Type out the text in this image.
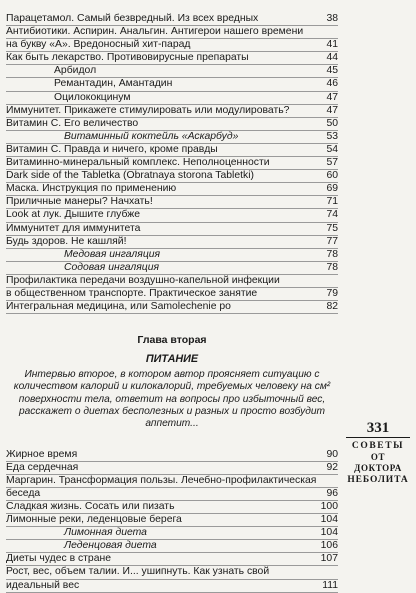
Парацетамол. Самый безвредный. Из всех вредных	38
Антибиотики. Аспирин. Анальгин. Антигерои нашего времени
на букву «А». Вредоносный хит-парад	41
Как быть лекарство. Противовирусные препараты	44
Арбидол	45
Ремантадин, Амантадин	46
Оцилококцинум	47
Иммунитет. Прикажете стимулировать или модулировать?	47
Витамин С. Его величество	50
Витаминный коктейль «Аскарбуд»	53
Витамин С. Правда и ничего, кроме правды	54
Витаминно-минеральный комплекс. Неполноценности	57
Dark side of the Tabletka (Obratnaya storona Tabletki)	60
Маска. Инструкция по применению	69
Приличные манеры? Начхать!	71
Look at лук. Дышите глубже	74
Иммунитет для иммунитета	75
Будь здоров. Не кашляй!	77
Медовая ингаляция	78
Содовая ингаляция	78
Профилактика передачи воздушно-капельной инфекции
в общественном транспорте. Практическое занятие	79
Интегральная медицина, или Samolechenie po	82
Глава вторая
ПИТАНИЕ
Интервью второе, в котором автор проясняет ситуацию с количеством калорий и килокалорий, требуемых человеку на см² поверхности тела, ответит на вопросы про избыточный вес, расскажет о диетах бесполезных и разных и просто возбудит аппетит...
Жирное время	90
Еда сердечная	92
Маргарин. Трансформация пользы. Лечебно-профилактическая
беседа	96
Сладкая жизнь. Сосать или пизать	100
Лимонные реки, леденцовые берега	104
Лимонная диета	104
Леденцовая диета	106
Диеты чудес в стране	107
Рост, вес, объем талии. И... ушипнуть. Как узнать свой
идеальный вес	111
331
СОВЕТЫ
ОТ ДОКТОРА
НЕБОЛИТА
